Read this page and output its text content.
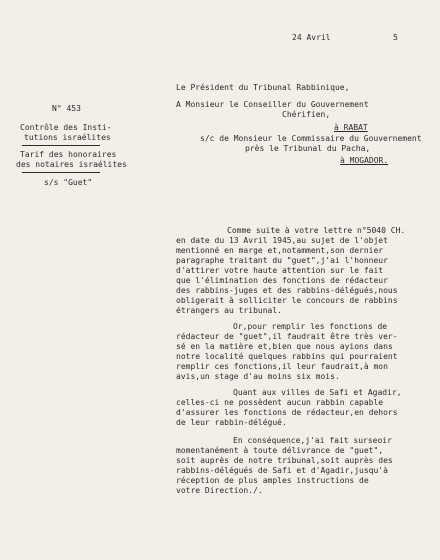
24 Avril	5
N° 453
Contrôle des Insti-
tutions israélites
Tarif des honoraires
des notaires israélites
s/s "Guet"
Le Président du Tribunal Rabbinique,
A Monsieur le Conseiller du Gouvernement
Chérifien,
à RABAT
s/c de Monsieur le Commissaire du Gouvernement
près le Tribunal du Pacha,
à MOGADOR.
Comme suite à votre lettre n°5040 CH.
en date du 13 Avril 1945,au sujet de l'objet
mentionné en marge et,notamment,son dernier
paragraphe traitant du "guet",j'ai l'honneur
d'attirer votre haute attention sur le fait
que l'élimination des fonctions de rédacteur
des rabbins-juges et des rabbins-délégués,nous
obligerait à solliciter le concours de rabbins
étrangers au tribunal.
Or,pour remplir les fonctions de
rédacteur de "guet",il faudrait être très ver-
sé en la matière et,bien que nous ayions dans
notre localité quelques rabbins qui pourraient
remplir ces fonctions,il leur faudrait,à mon
avis,un stage d'au moins six mois.
Quant aux villes de Safi et Agadir,
celles-ci ne possèdent aucun rabbin capable
d'assurer les fonctions de rédacteur,en dehors
de leur rabbin-délégué.
En conséquence,j'ai fait surseoir
momentanément à toute délivrance de "guet",
soit auprès de notre tribunal,soit auprès des
rabbins-délégués de Safi et d'Agadir,jusqu'à
réception de plus amples instructions de
votre Direction./.
